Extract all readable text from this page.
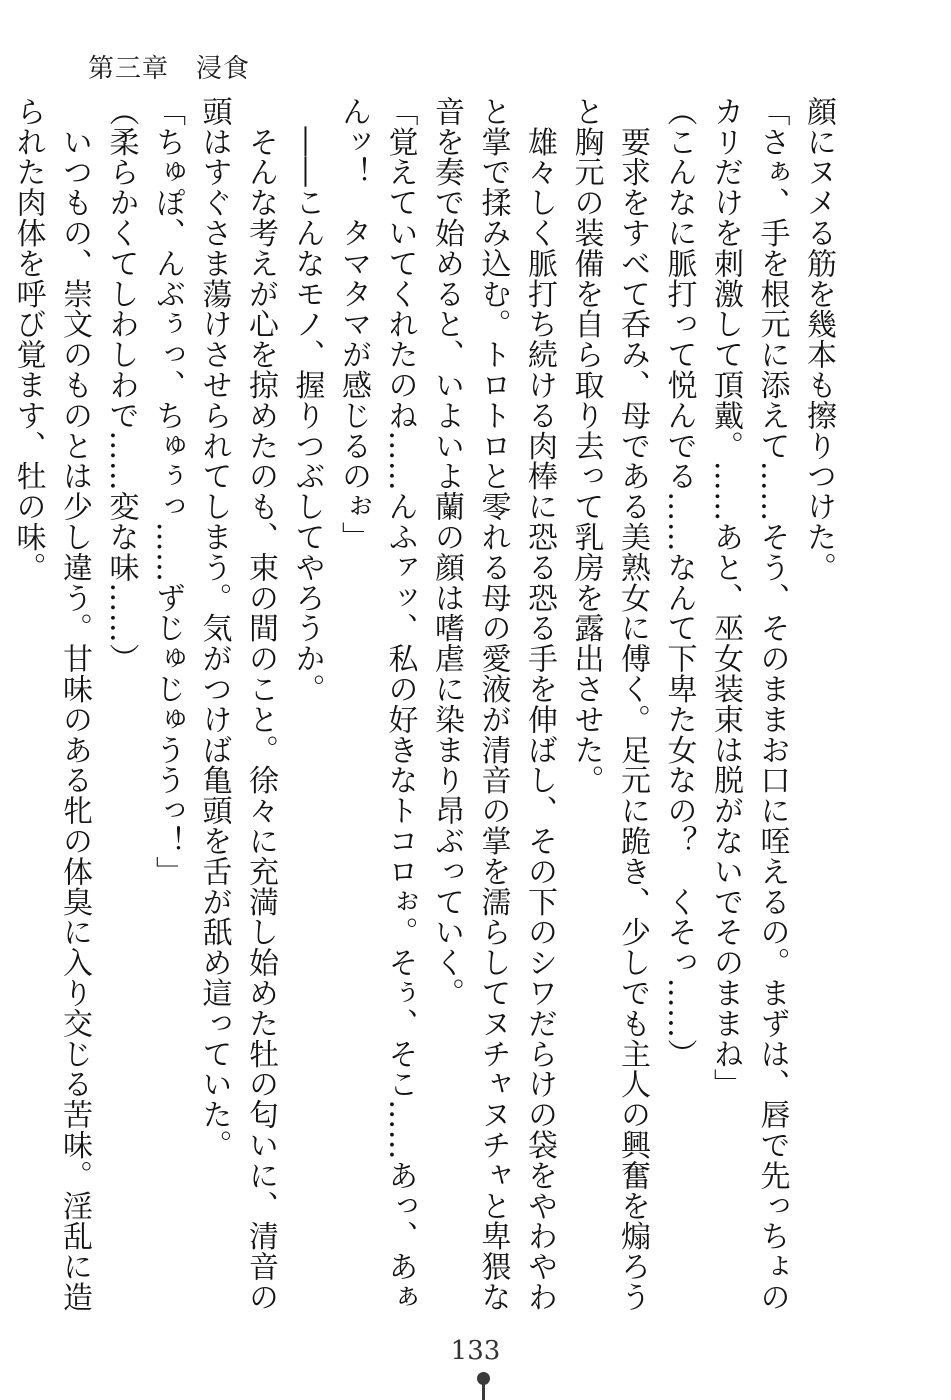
第三章　浸食
顔にヌメる筋を幾本も擦りつけた。
「さぁ、手を根元に添えて……そう、そのままお口に咥えるの。まずは、唇で先っちょの
カリだけを刺激して頂戴。……あと、巫女装束は脱がないでそのままね」
（こんなに脈打って悦んでる……なんて下卑た女なの？　くそっ……）
　要求をすべて呑み、母である美熟女に傅く。足元に跪き、少しでも主人の興奮を煽ろう
と胸元の装備を自ら取り去って乳房を露出させた。
　雄々しく脈打ち続ける肉棒に恐る恐る手を伸ばし、その下のシワだらけの袋をやわやわ
と掌で揉み込む。トロトロと零れる母の愛液が清音の掌を濡らしてヌチャヌチャと卑猥な
音を奏で始めると、いよいよ蘭の顔は嗜虐に染まり昂ぶっていく。
「覚えていてくれたのね……んふァッ、私の好きなトコロぉ。そぅ、そこ……あっ、あぁ
んッ！　タマタマが感じるのぉ」
　――こんなモノ、握りつぶしてやろうか。
　そんな考えが心を掠めたのも、束の間のこと。徐々に充満し始めた牡の匂いに、清音の
頭はすぐさま蕩けさせられてしまう。気がつけば亀頭を舌が舐め這っていた。
「ちゅぽ、んぶぅっ、ちゅぅっ……ずじゅじゅううっ！」
（柔らかくてしわしわで……変な味……）
　いつもの、崇文のものとは少し違う。甘味のある牝の体臭に入り交じる苦味。淫乱に造
られた肉体を呼び覚ます、牡の味。
133
